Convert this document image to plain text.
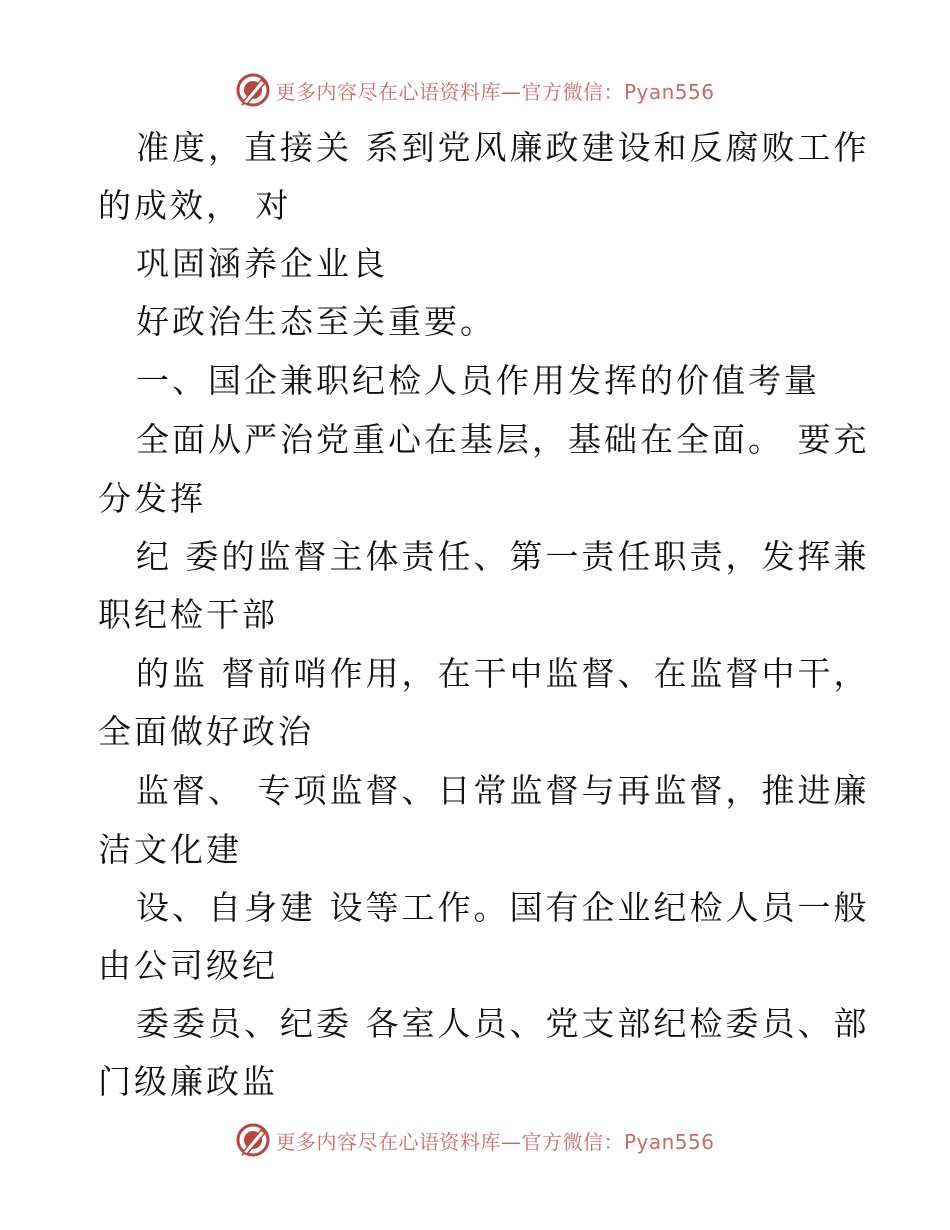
更多内容尽在心语资料库—官方微信：Pyan556
准度，直接关 系到党风廉政建设和反腐败工作
的成效， 对
巩固涵养企业良
好政治生态至关重要。
一、国企兼职纪检人员作用发挥的价值考量
全面从严治党重心在基层，基础在全面。 要充
分发挥
纪 委的监督主体责任、第一责任职责，发挥兼
职纪检干部
的监 督前哨作用，在干中监督、在监督中干，
全面做好政治
监督、 专项监督、日常监督与再监督，推进廉
洁文化建
设、自身建 设等工作。国有企业纪检人员一般
由公司级纪
委委员、纪委 各室人员、党支部纪检委员、部
门级廉政监
更多内容尽在心语资料库—官方微信：Pyan556
